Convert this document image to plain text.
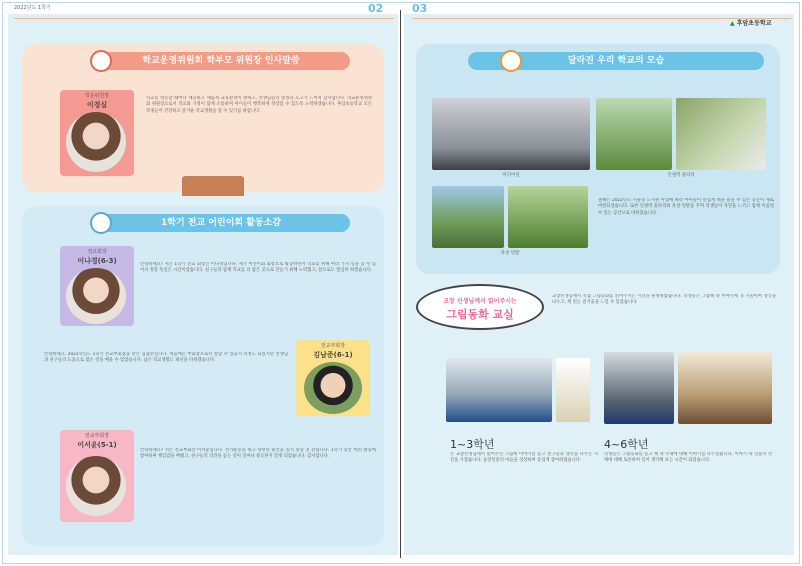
2022년도 1학기	02	03
▲ 후암초등학교
학교운영위원회 학부모 위원장 인사말씀
학운위원장
이경심
학교를 방문할 때마다 깨끗하고 새롭게 교육환경이 변하고, 선생님들의 열정과 노고가 느껴져 감사합니다. 학교운영위원회 위원장으로서 학교와 가정이 함께 소통하며 아이들이 행복하게 성장할 수 있도록 노력하겠습니다. 후암초등학교 모든 학생들이 건강하고 즐거운 학교생활을 할 수 있기를 바랍니다.
1학기 전교 어린이회 활동소감
전교회장
이나경(6-3)	안녕하세요? 저는 1학기 전교 회장인 이나경입니다. 제가 어린이회 회장으로 활동하면서 학교를 위해 여러 가지 일을 할 수 있어서 정말 뜻깊은 시간이었습니다. 친구들과 함께 학교를 더 좋은 곳으로 만들기 위해 노력했고, 앞으로도 열심히 하겠습니다.
전교부회장
김남준(6-1)
안녕하세요. 2022학년도 1학기 전교부회장을 맡은 김남준입니다. 처음에는 부회장으로서 잘할 수 있을지 걱정도 되었지만 선생님과 친구들의 도움으로 많은 것을 배울 수 있었습니다. 남은 학교생활도 최선을 다하겠습니다.
전교부회장
이서윤(5-1)
안녕하세요? 저는 전교부회장 이서윤입니다. 선거운동을 하고 당선된 순간을 잊지 못할 것 같습니다. 1학기 동안 여러 활동에 참여하며 책임감을 배웠고, 친구들의 의견을 듣는 것이 얼마나 중요한지 알게 되었습니다. 감사합니다.
달라진 우리 학교의 모습
미디어실	인권벽 울타리
옥상 텃밭
올해는 2022년도 서울형 도서관 사업에 따라 아이들이 즐겁게 책을 읽을 수 있는 공간이 새로 마련되었습니다. 또한 인권벽 울타리와 옥상 텃밭을 꾸며 학생들이 자연을 느끼고 함께 어울릴 수 있는 공간으로 바뀌었습니다.
교장 선생님께서 읽어주시는
그림동화 교실
교장선생님께서 직접 그림동화를 읽어주시는 시간을 운영하였습니다. 학생들은 그림책 속 이야기에 귀 기울이며 생각을 나누고, 책 읽는 즐거움을 느낄 수 있었습니다.
1~3학년
은 교장선생님께서 읽어주신 그림책 이야기를 듣고 친구들과 생각을 나누는 시간을 가졌습니다. 등장인물의 마음을 상상하며 즐겁게 참여하였습니다.
4~6학년
학생들은 그림동화를 듣고 책 속 주제에 대해 이야기를 나누었습니다. 이야기 속 인물의 선택에 대해 토론하며 깊이 생각해 보는 시간이 되었습니다.
